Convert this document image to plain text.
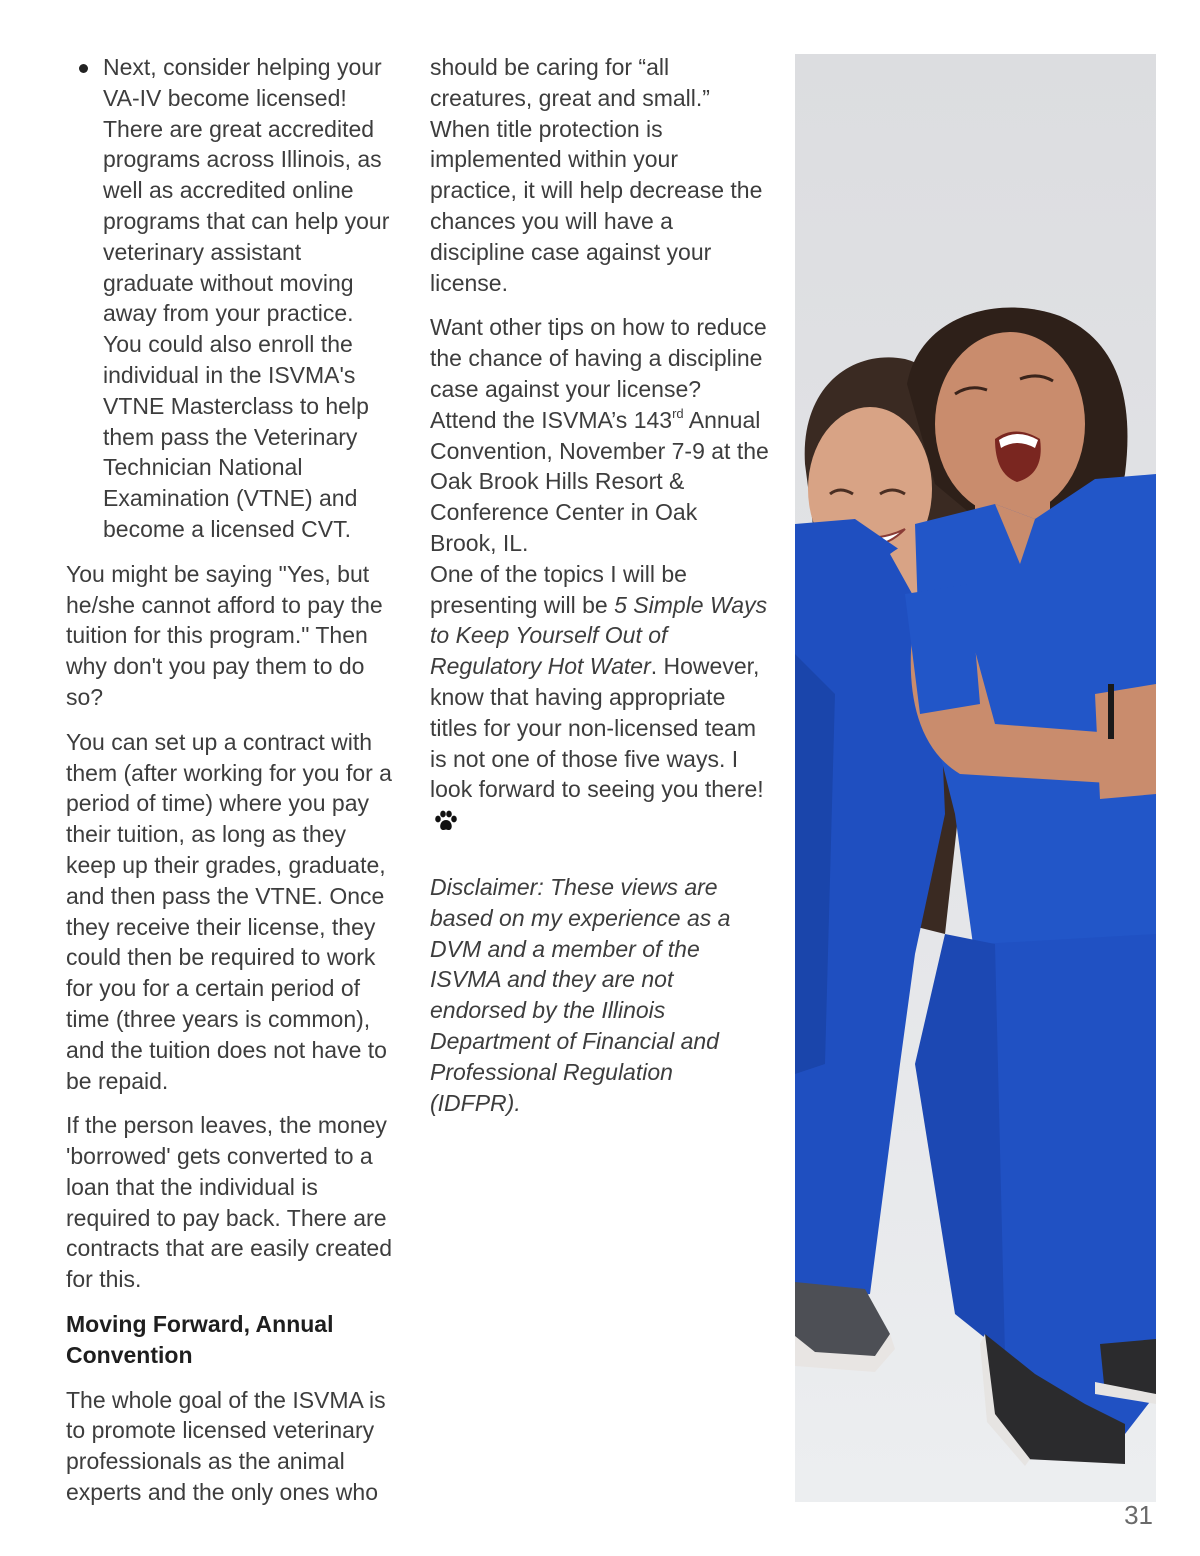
Next, consider helping your VA-IV become licensed! There are great accredited programs across Illinois, as well as accredited online programs that can help your veterinary assistant graduate without moving away from your practice. You could also enroll the individual in the ISVMA's VTNE Masterclass to help them pass the Veterinary Technician National Examination (VTNE) and become a licensed CVT.

You might be saying "Yes, but he/she cannot afford to pay the tuition for this program." Then why don't you pay them to do so?

You can set up a contract with them (after working for you for a period of time) where you pay their tuition, as long as they keep up their grades, graduate, and then pass the VTNE. Once they receive their license, they could then be required to work for you for a certain period of time (three years is common), and the tuition does not have to be repaid.

If the person leaves, the money 'borrowed' gets converted to a loan that the individual is required to pay back. There are contracts that are easily created for this.

Moving Forward, Annual Convention

The whole goal of the ISVMA is to promote licensed veterinary professionals as the animal experts and the only ones who

should be caring for “all creatures, great and small.” When title protection is implemented within your practice, it will help decrease the chances you will have a discipline case against your license.

Want other tips on how to reduce the chance of having a discipline case against your license? Attend the ISVMA’s 143rd Annual Convention, November 7-9 at the Oak Brook Hills Resort & Conference Center in Oak Brook, IL.

One of the topics I will be presenting will be 5 Simple Ways to Keep Yourself Out of Regulatory Hot Water. However, know that having appropriate titles for your non-licensed team is not one of those five ways. I look forward to seeing you there!

Disclaimer: These views are based on my experience as a DVM and a member of the ISVMA and they are not endorsed by the Illinois Department of Financial and Professional Regulation (IDFPR).

31
